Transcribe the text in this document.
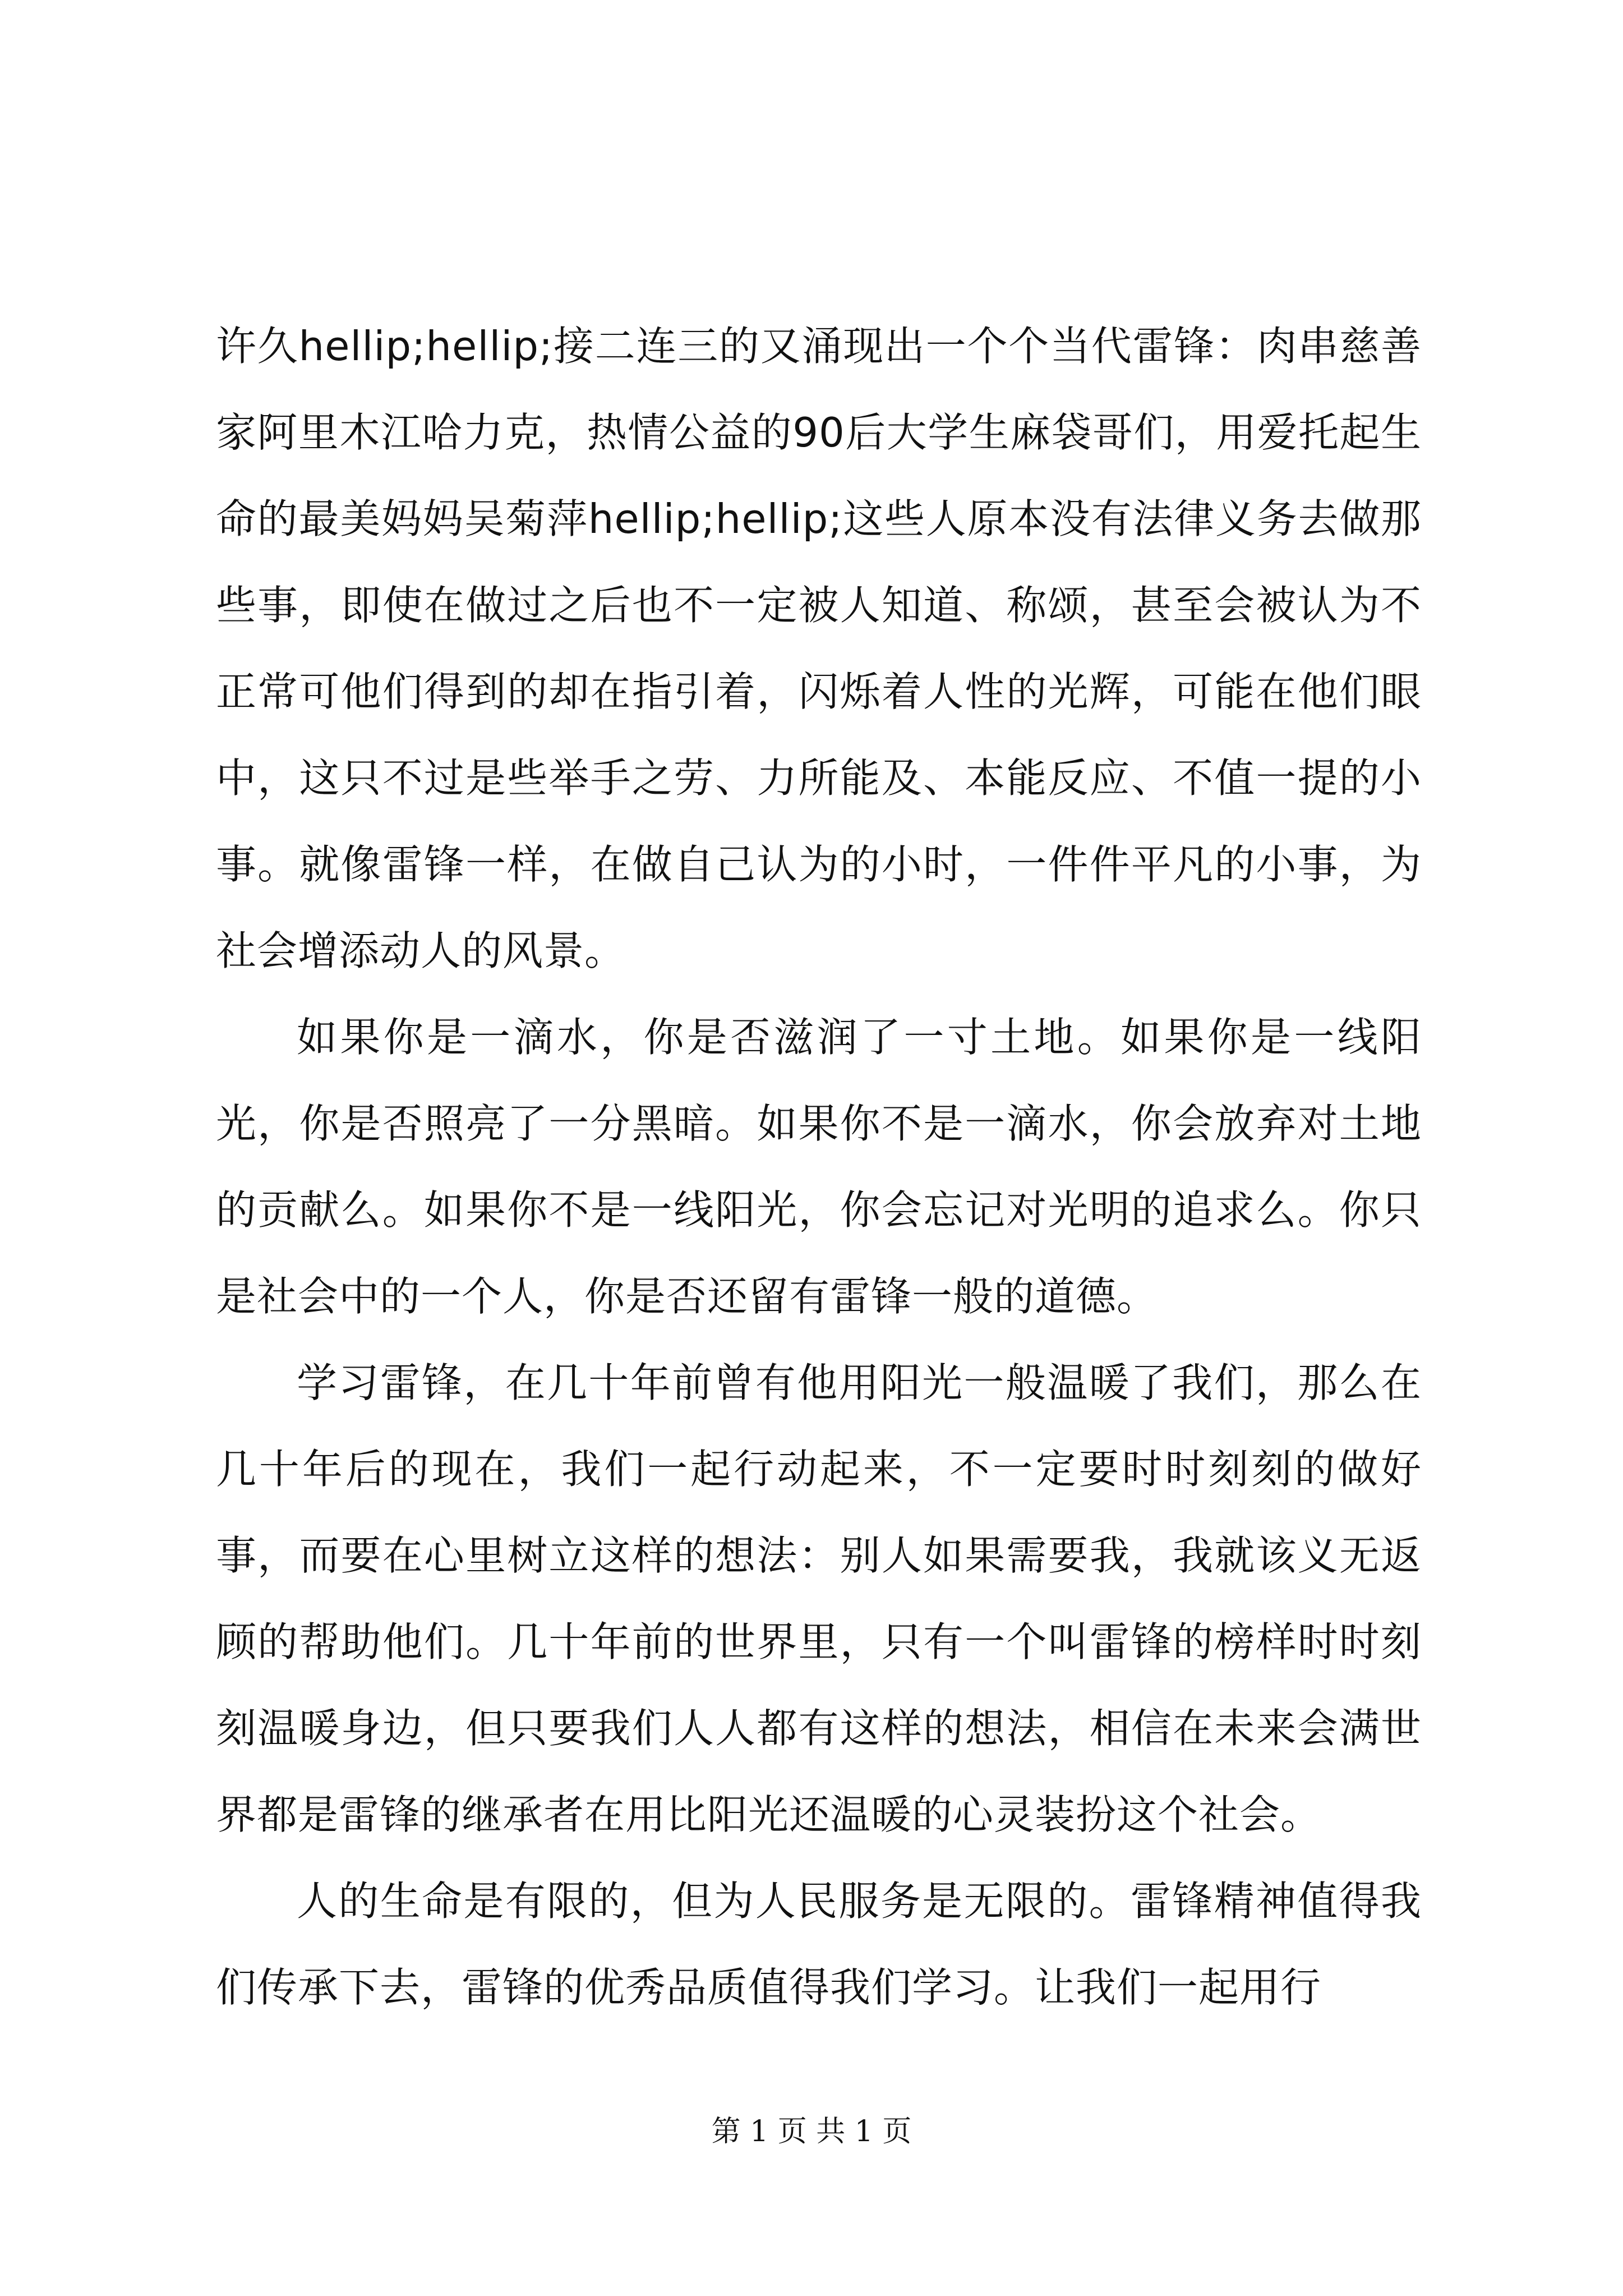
许久hellip;hellip;接二连三的又涌现出一个个当代雷锋：肉串慈善家阿里木江哈力克，热情公益的90后大学生麻袋哥们，用爱托起生命的最美妈妈吴菊萍hellip;hellip;这些人原本没有法律义务去做那些事，即使在做过之后也不一定被人知道、称颂，甚至会被认为不正常可他们得到的却在指引着，闪烁着人性的光辉，可能在他们眼中，这只不过是些举手之劳、力所能及、本能反应、不值一提的小事。就像雷锋一样，在做自己认为的小时，一件件平凡的小事，为社会增添动人的风景。

如果你是一滴水，你是否滋润了一寸土地。如果你是一线阳光，你是否照亮了一分黑暗。如果你不是一滴水，你会放弃对土地的贡献么。如果你不是一线阳光，你会忘记对光明的追求么。你只是社会中的一个人，你是否还留有雷锋一般的道德。

学习雷锋，在几十年前曾有他用阳光一般温暖了我们，那么在几十年后的现在，我们一起行动起来，不一定要时时刻刻的做好事，而要在心里树立这样的想法：别人如果需要我，我就该义无返顾的帮助他们。几十年前的世界里，只有一个叫雷锋的榜样时时刻刻温暖身边，但只要我们人人都有这样的想法，相信在未来会满世界都是雷锋的继承者在用比阳光还温暖的心灵装扮这个社会。

人的生命是有限的，但为人民服务是无限的。雷锋精神值得我们传承下去，雷锋的优秀品质值得我们学习。让我们一起用行

第 1 页 共 1 页
